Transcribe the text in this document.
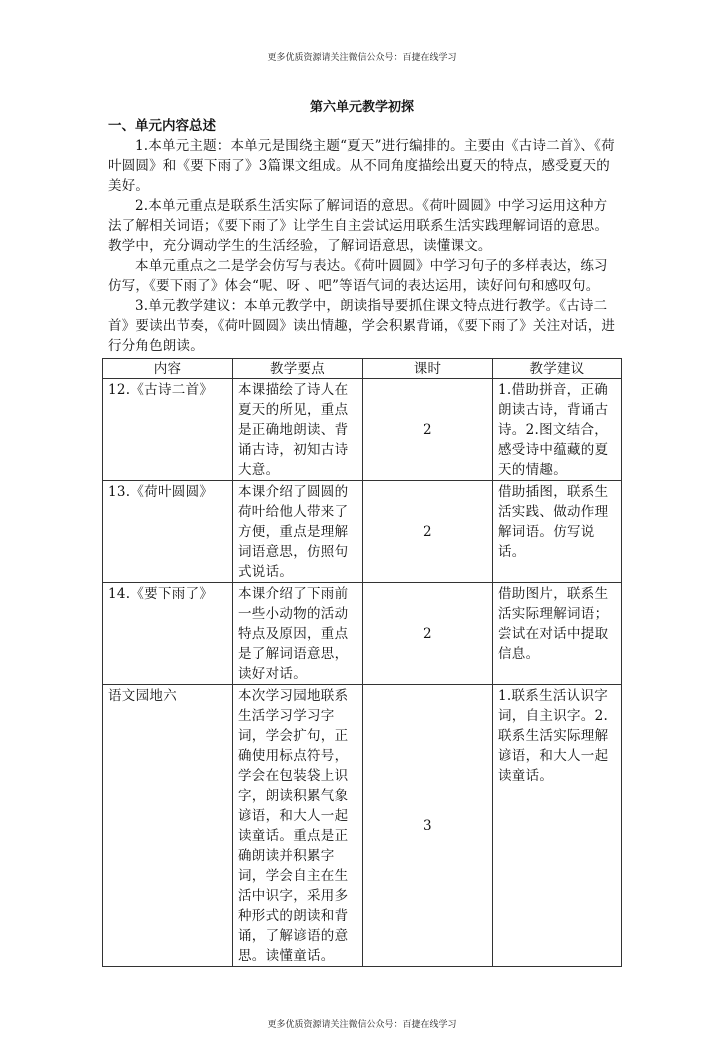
更多优质资源请关注微信公众号：百捷在线学习
第六单元教学初探
一、单元内容总述

1.本单元主题：本单元是围绕主题“夏天”进行编排的。主要由《古诗二首》、《荷叶圆圆》和《要下雨了》3篇课文组成。从不同角度描绘出夏天的特点，感受夏天的美好。

2.本单元重点是联系生活实际了解词语的意思。《荷叶圆圆》中学习运用这种方法了解相关词语；《要下雨了》让学生自主尝试运用联系生活实践理解词语的意思。教学中，充分调动学生的生活经验，了解词语意思，读懂课文。

本单元重点之二是学会仿写与表达。《荷叶圆圆》中学习句子的多样表达，练习仿写，《要下雨了》体会“呢、呀 、吧”等语气词的表达运用，读好问句和感叹句。

3.单元教学建议：本单元教学中，朗读指导要抓住课文特点进行教学。《古诗二首》要读出节奏，《荷叶圆圆》读出情趣，学会积累背诵，《要下雨了》关注对话，进行分角色朗读。

内容	教学要点	课时	教学建议
12.《古诗二首》	本课描绘了诗人在夏天的所见，重点是正确地朗读、背诵古诗，初知古诗大意。	2	1.借助拼音，正确朗读古诗，背诵古诗。2.图文结合，感受诗中蕴藏的夏天的情趣。
13.《荷叶圆圆》	本课介绍了圆圆的荷叶给他人带来了方便，重点是理解词语意思，仿照句式说话。	2	借助插图，联系生活实践、做动作理解词语。仿写说话。
14.《要下雨了》	本课介绍了下雨前一些小动物的活动特点及原因，重点是了解词语意思，读好对话。	2	借助图片，联系生活实际理解词语；尝试在对话中提取信息。
语文园地六	本次学习园地联系生活学习学习字词，学会扩句，正确使用标点符号，学会在包装袋上识字，朗读积累气象谚语，和大人一起读童话。重点是正确朗读并积累字词，学会自主在生活中识字，采用多种形式的朗读和背诵，了解谚语的意思。读懂童话。	3	1.联系生活认识字词，自主识字。2.联系生活实际理解谚语，和大人一起读童话。
更多优质资源请关注微信公众号：百捷在线学习
